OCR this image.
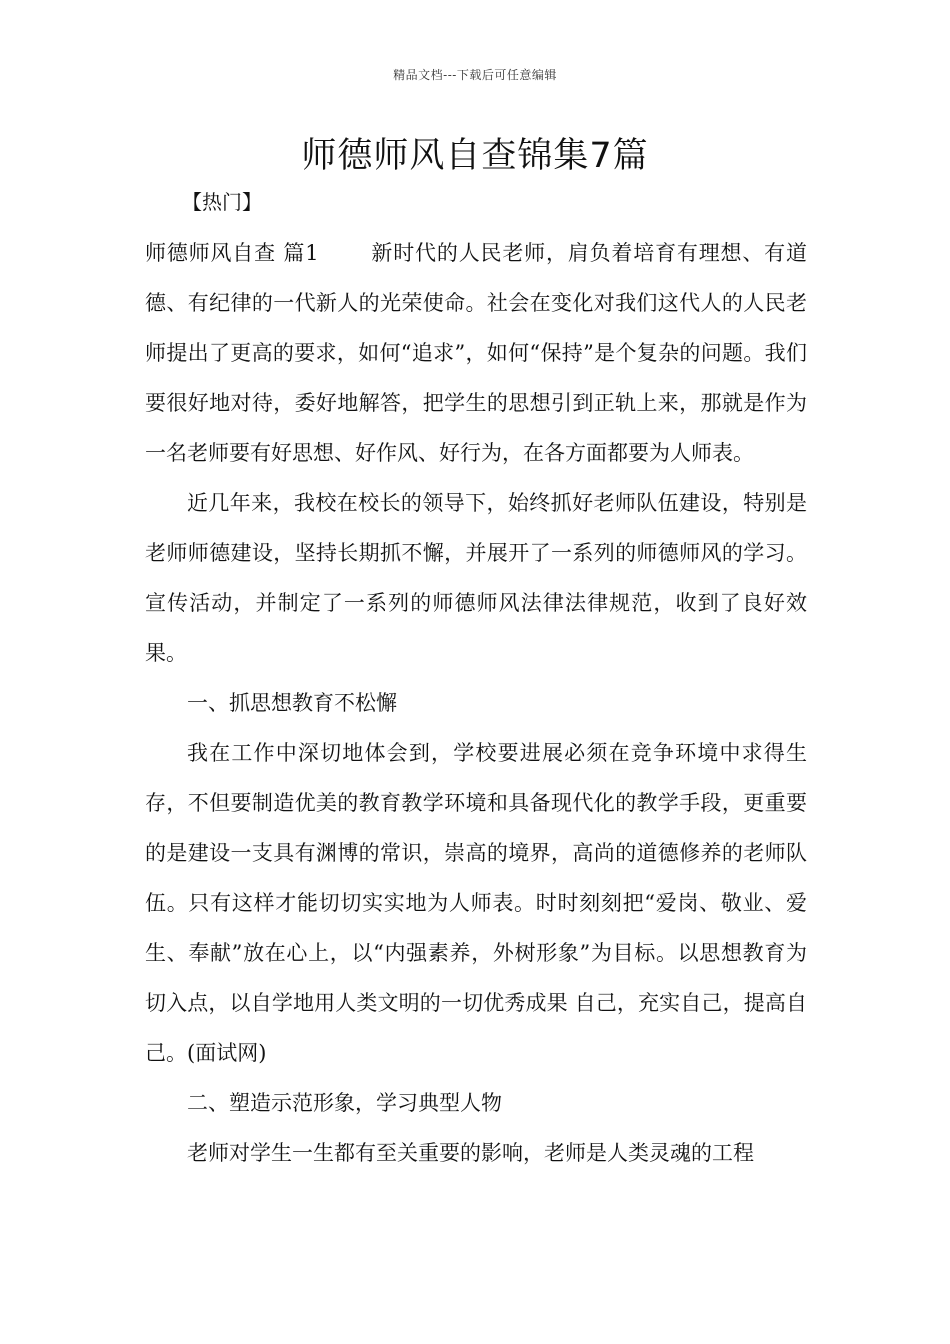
精品文档---下载后可任意编辑
师德师风自查锦集7篇

【热门】

师德师风自查 篇1 新时代的人民老师，肩负着培育有理想、有道德、有纪律的一代新人的光荣使命。社会在变化对我们这代人的人民老师提出了更高的要求，如何“追求”，如何“保持”是个复杂的问题。我们要很好地对待，委好地解答，把学生的思想引到正轨上来，那就是作为一名老师要有好思想、好作风、好行为，在各方面都要为人师表。

近几年来，我校在校长的领导下，始终抓好老师队伍建设，特别是老师师德建设，坚持长期抓不懈，并展开了一系列的师德师风的学习。宣传活动，并制定了一系列的师德师风法律法律规范，收到了良好效果。

一、抓思想教育不松懈

我在工作中深切地体会到，学校要进展必须在竞争环境中求得生存，不但要制造优美的教育教学环境和具备现代化的教学手段，更重要的是建设一支具有渊博的常识，崇高的境界，高尚的道德修养的老师队伍。只有这样才能切切实实地为人师表。时时刻刻把“爱岗、敬业、爱生、奉献”放在心上，以“内强素养，外树形象”为目标。以思想教育为切入点，以自学地用人类文明的一切优秀成果 自己，充实自己，提高自己。(面试网)

二、塑造示范形象，学习典型人物

老师对学生一生都有至关重要的影响，老师是人类灵魂的工程
